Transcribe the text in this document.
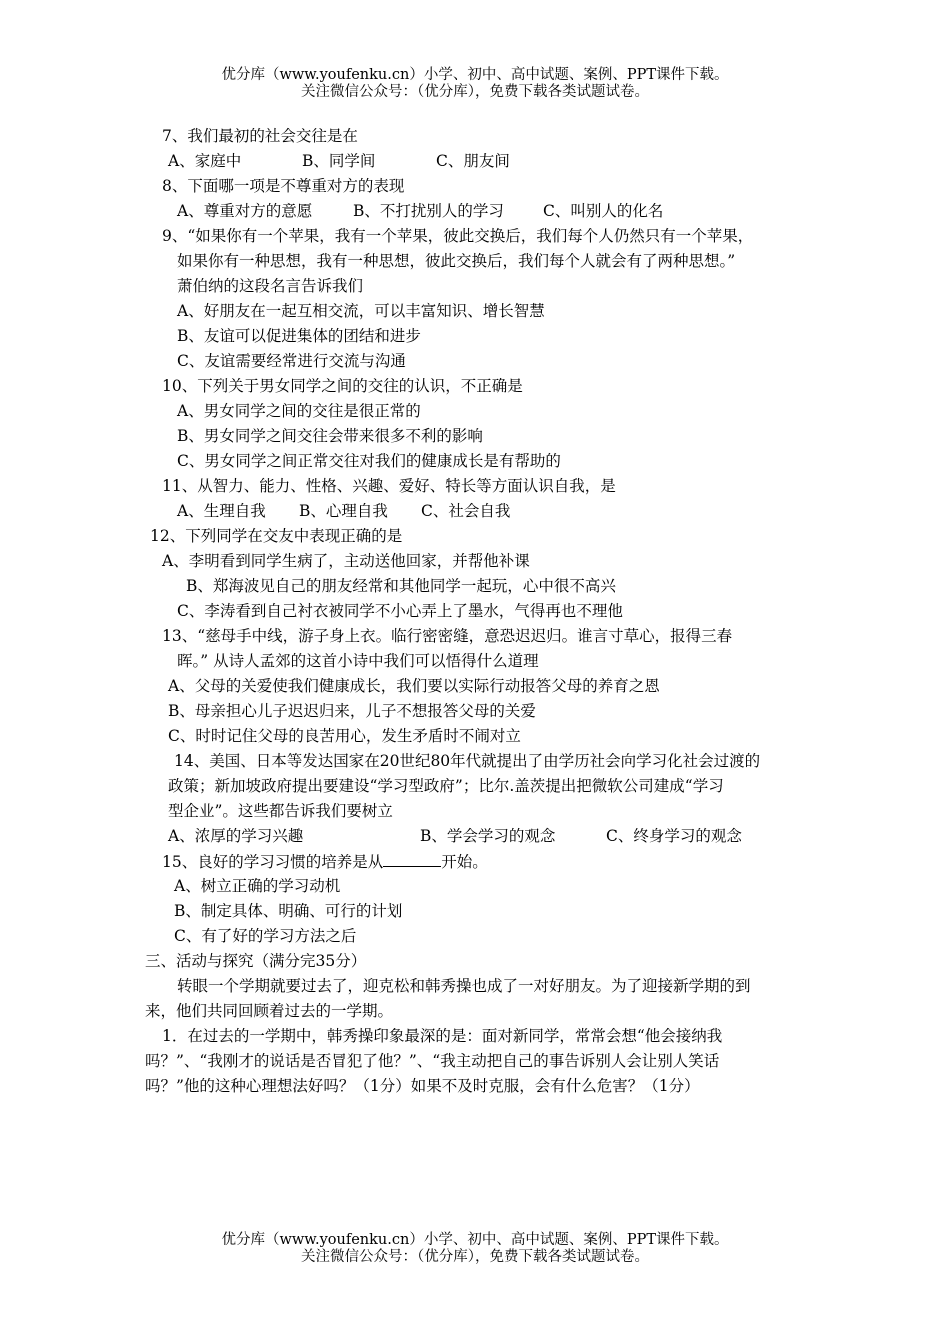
优分库（www.youfenku.cn）小学、初中、高中试题、案例、PPT课件下载。
关注微信公众号：（优分库），免费下载各类试题试卷。
7、我们最初的社会交往是在
A、家庭中	B、同学间	C、朋友间
8、下面哪一项是不尊重对方的表现
A、尊重对方的意愿	B、不打扰别人的学习	C、叫别人的化名
9、“如果你有一个苹果，我有一个苹果，彼此交换后，我们每个人仍然只有一个苹果，
如果你有一种思想，我有一种思想，彼此交换后，我们每个人就会有了两种思想。”
萧伯纳的这段名言告诉我们
A、好朋友在一起互相交流，可以丰富知识、增长智慧
B、友谊可以促进集体的团结和进步
C、友谊需要经常进行交流与沟通
10、下列关于男女同学之间的交往的认识，不正确是
A、男女同学之间的交往是很正常的
B、男女同学之间交往会带来很多不利的影响
C、男女同学之间正常交往对我们的健康成长是有帮助的
11、从智力、能力、性格、兴趣、爱好、特长等方面认识自我，是
A、生理自我 B、心理自我 C、社会自我
12、下列同学在交友中表现正确的是
A、李明看到同学生病了，主动送他回家，并帮他补课
B、郑海波见自己的朋友经常和其他同学一起玩，心中很不高兴
C、李涛看到自己衬衣被同学不小心弄上了墨水，气得再也不理他
13、“慈母手中线，游子身上衣。临行密密缝，意恐迟迟归。谁言寸草心，报得三春
晖。” 从诗人孟郊的这首小诗中我们可以悟得什么道理
A、父母的关爱使我们健康成长，我们要以实际行动报答父母的养育之恩
B、母亲担心儿子迟迟归来，儿子不想报答父母的关爱
C、时时记住父母的良苦用心，发生矛盾时不闹对立
14、美国、日本等发达国家在20世纪80年代就提出了由学历社会向学习化社会过渡的
政策；新加坡政府提出要建设“学习型政府”；比尔.盖茨提出把微软公司建成“学习
型企业”。这些都告诉我们要树立
A、浓厚的学习兴趣	B、学会学习的观念	C、终身学习的观念
15、良好的学习习惯的培养是从	开始。
A、树立正确的学习动机
B、制定具体、明确、可行的计划
C、有了好的学习方法之后
三、活动与探究（满分完35分）
转眼一个学期就要过去了，迎克松和韩秀操也成了一对好朋友。为了迎接新学期的到
来，他们共同回顾着过去的一学期。
1．在过去的一学期中，韩秀操印象最深的是：面对新同学，常常会想“他会接纳我
吗？”、“我刚才的说话是否冒犯了他？”、“我主动把自己的事告诉别人会让别人笑话
吗？”他的这种心理想法好吗？（1分）如果不及时克服，会有什么危害？（1分）
优分库（www.youfenku.cn）小学、初中、高中试题、案例、PPT课件下载。
关注微信公众号：（优分库），免费下载各类试题试卷。
